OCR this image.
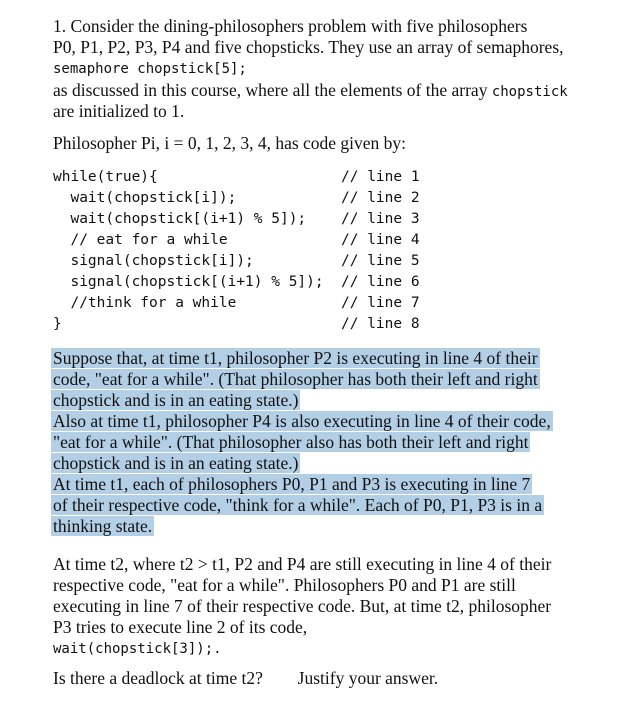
1. Consider the dining-philosophers problem with five philosophers
P0, P1, P2, P3, P4 and five chopsticks. They use an array of semaphores,
semaphore chopstick[5];
as discussed in this course, where all the elements of the array chopstick
are initialized to 1.
Philosopher Pi, i = 0, 1, 2, 3, 4, has code given by:
while(true){	// line 1
wait(chopstick[i]);	// line 2
wait(chopstick[(i+1) % 5]); // line 3
// eat for a while	// line 4
signal(chopstick[i]);	// line 5
signal(chopstick[(i+1) % 5]); // line 6
//think for a while	// line 7
}	// line 8
Suppose that, at time t1, philosopher P2 is executing in line 4 of their
code, "eat for a while". (That philosopher has both their left and right
chopstick and is in an eating state.)
Also at time t1, philosopher P4 is also executing in line 4 of their code,
"eat for a while". (That philosopher also has both their left and right
chopstick and is in an eating state.)
At time t1, each of philosophers P0, P1 and P3 is executing in line 7
of their respective code, "think for a while". Each of P0, P1, P3 is in a
thinking state.
At time t2, where t2 > t1, P2 and P4 are still executing in line 4 of their
respective code, "eat for a while". Philosophers P0 and P1 are still
executing in line 7 of their respective code. But, at time t2, philosopher
P3 tries to execute line 2 of its code,
wait(chopstick[3]);.
Is there a deadlock at time t2? Justify your answer.
